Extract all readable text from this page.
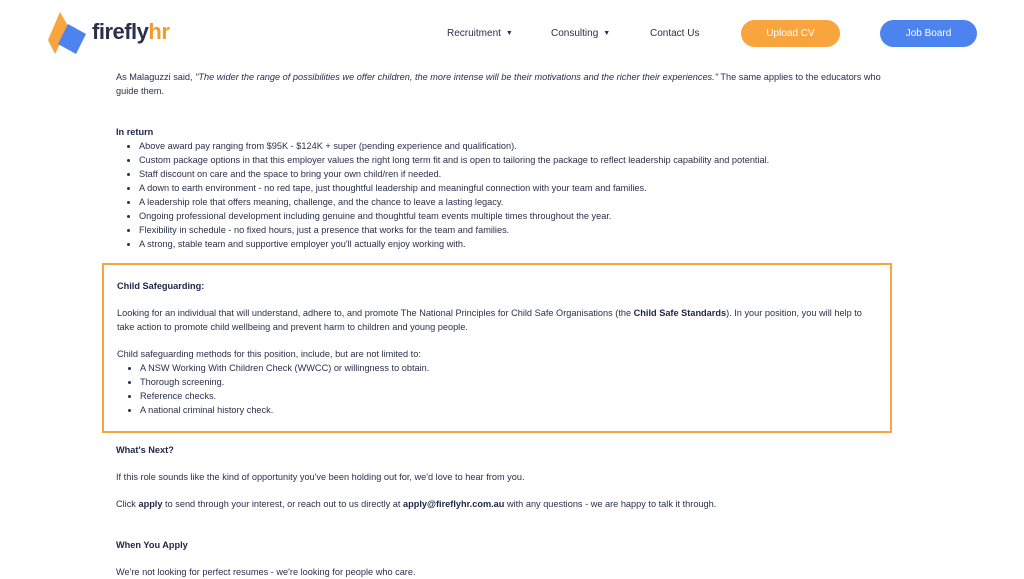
fireflyhr	Recruitment ▼	Consulting ▼	Contact Us	Upload CV	Job Board

As Malaguzzi said, "The wider the range of possibilities we offer children, the more intense will be their motivations and the richer their experiences." The same applies to the educators who guide them.

In return

• Above award pay ranging from $95K - $124K + super (pending experience and qualification).
• Custom package options in that this employer values the right long term fit and is open to tailoring the package to reflect leadership capability and potential.
• Staff discount on care and the space to bring your own child/ren if needed.
• A down to earth environment - no red tape, just thoughtful leadership and meaningful connection with your team and families.
• A leadership role that offers meaning, challenge, and the chance to leave a lasting legacy.
• Ongoing professional development including genuine and thoughtful team events multiple times throughout the year.
• Flexibility in schedule - no fixed hours, just a presence that works for the team and families.
• A strong, stable team and supportive employer you'll actually enjoy working with.

Child Safeguarding:

Looking for an individual that will understand, adhere to, and promote The National Principles for Child Safe Organisations (the Child Safe Standards). In your position, you will help to take action to promote child wellbeing and prevent harm to children and young people.

Child safeguarding methods for this position, include, but are not limited to:

• A NSW Working With Children Check (WWCC) or willingness to obtain.
• Thorough screening.
• Reference checks.
• A national criminal history check.

What's Next?

If this role sounds like the kind of opportunity you've been holding out for, we'd love to hear from you.

Click apply to send through your interest, or reach out to us directly at apply@fireflyhr.com.au with any questions - we are happy to talk it through.

When You Apply

We're not looking for perfect resumes - we're looking for people who care.
